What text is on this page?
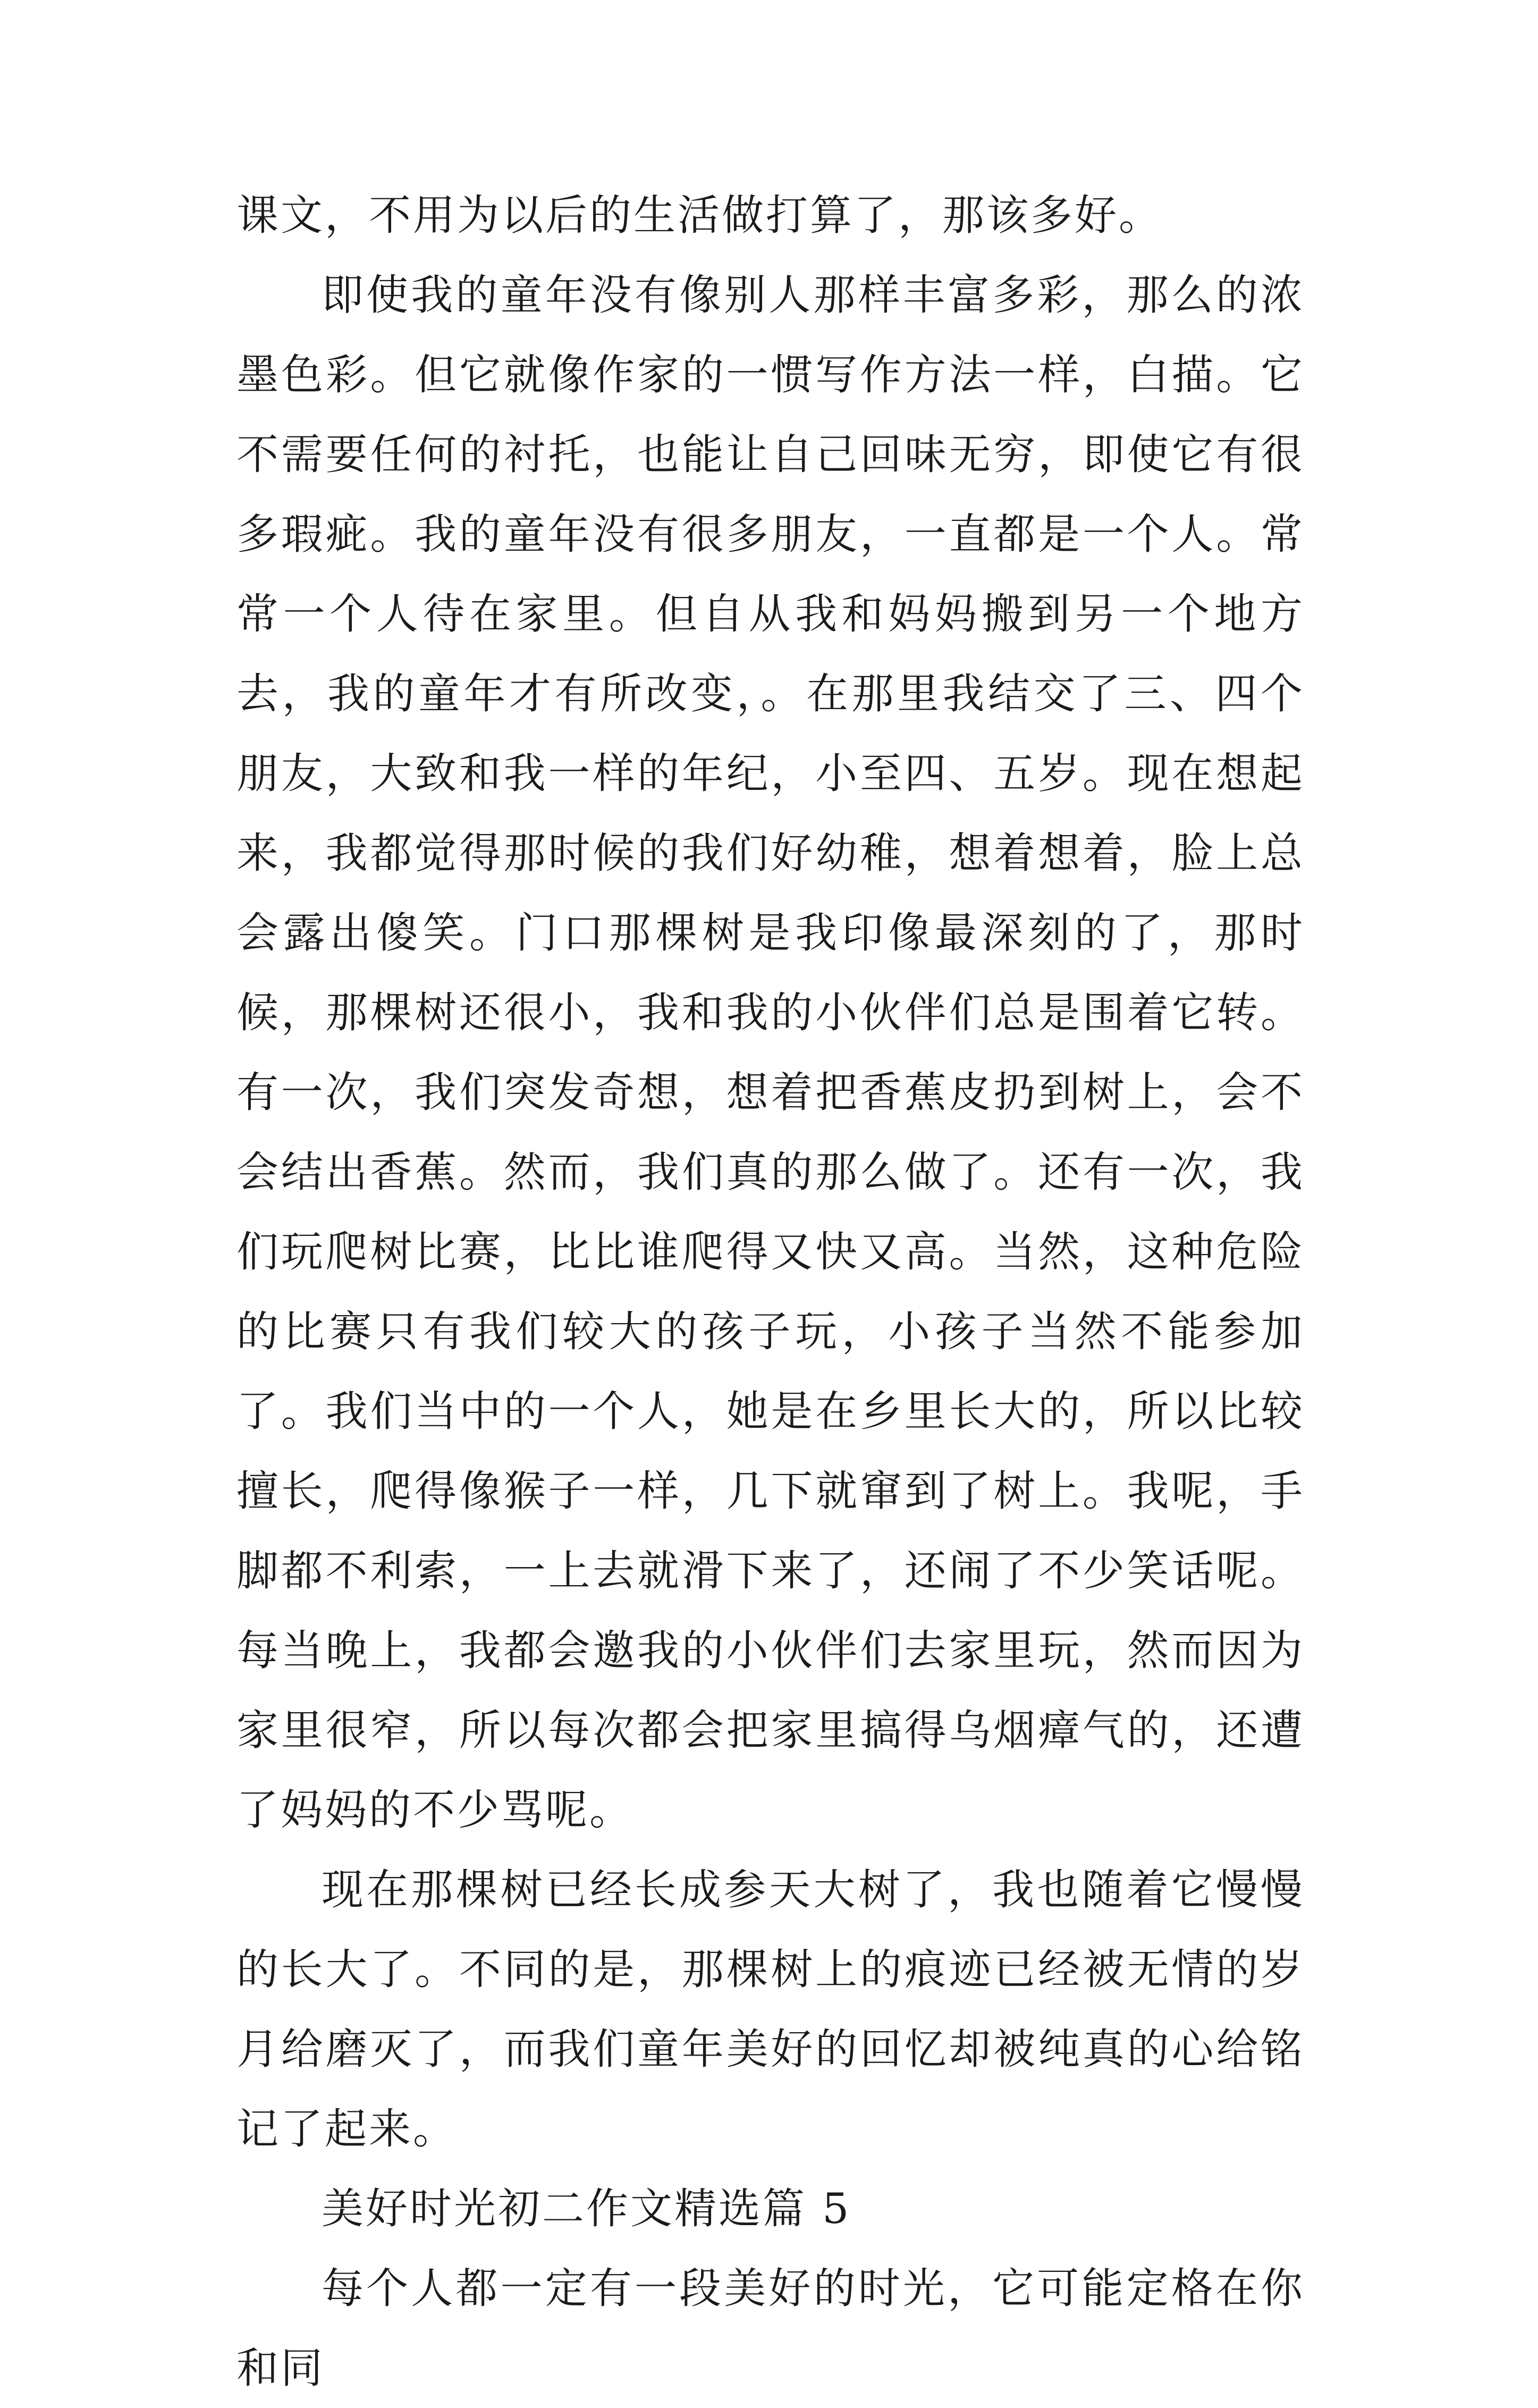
课文，不用为以后的生活做打算了，那该多好。

即使我的童年没有像别人那样丰富多彩，那么的浓墨色彩。但它就像作家的一惯写作方法一样，白描。它不需要任何的衬托，也能让自己回味无穷，即使它有很多瑕疵。我的童年没有很多朋友，一直都是一个人。常常一个人待在家里。但自从我和妈妈搬到另一个地方去，我的童年才有所改变，。在那里我结交了三、四个朋友，大致和我一样的年纪，小至四、五岁。现在想起来，我都觉得那时候的我们好幼稚，想着想着，脸上总会露出傻笑。门口那棵树是我印像最深刻的了，那时候，那棵树还很小，我和我的小伙伴们总是围着它转。有一次，我们突发奇想，想着把香蕉皮扔到树上，会不会结出香蕉。然而，我们真的那么做了。还有一次，我们玩爬树比赛，比比谁爬得又快又高。当然，这种危险的比赛只有我们较大的孩子玩，小孩子当然不能参加了。我们当中的一个人，她是在乡里长大的，所以比较擅长，爬得像猴子一样，几下就窜到了树上。我呢，手脚都不利索，一上去就滑下来了，还闹了不少笑话呢。每当晚上，我都会邀我的小伙伴们去家里玩，然而因为家里很窄，所以每次都会把家里搞得乌烟瘴气的，还遭了妈妈的不少骂呢。

现在那棵树已经长成参天大树了，我也随着它慢慢的长大了。不同的是，那棵树上的痕迹已经被无情的岁月给磨灭了，而我们童年美好的回忆却被纯真的心给铭记了起来。

美好时光初二作文精选篇 5

每个人都一定有一段美好的时光，它可能定格在你和同
